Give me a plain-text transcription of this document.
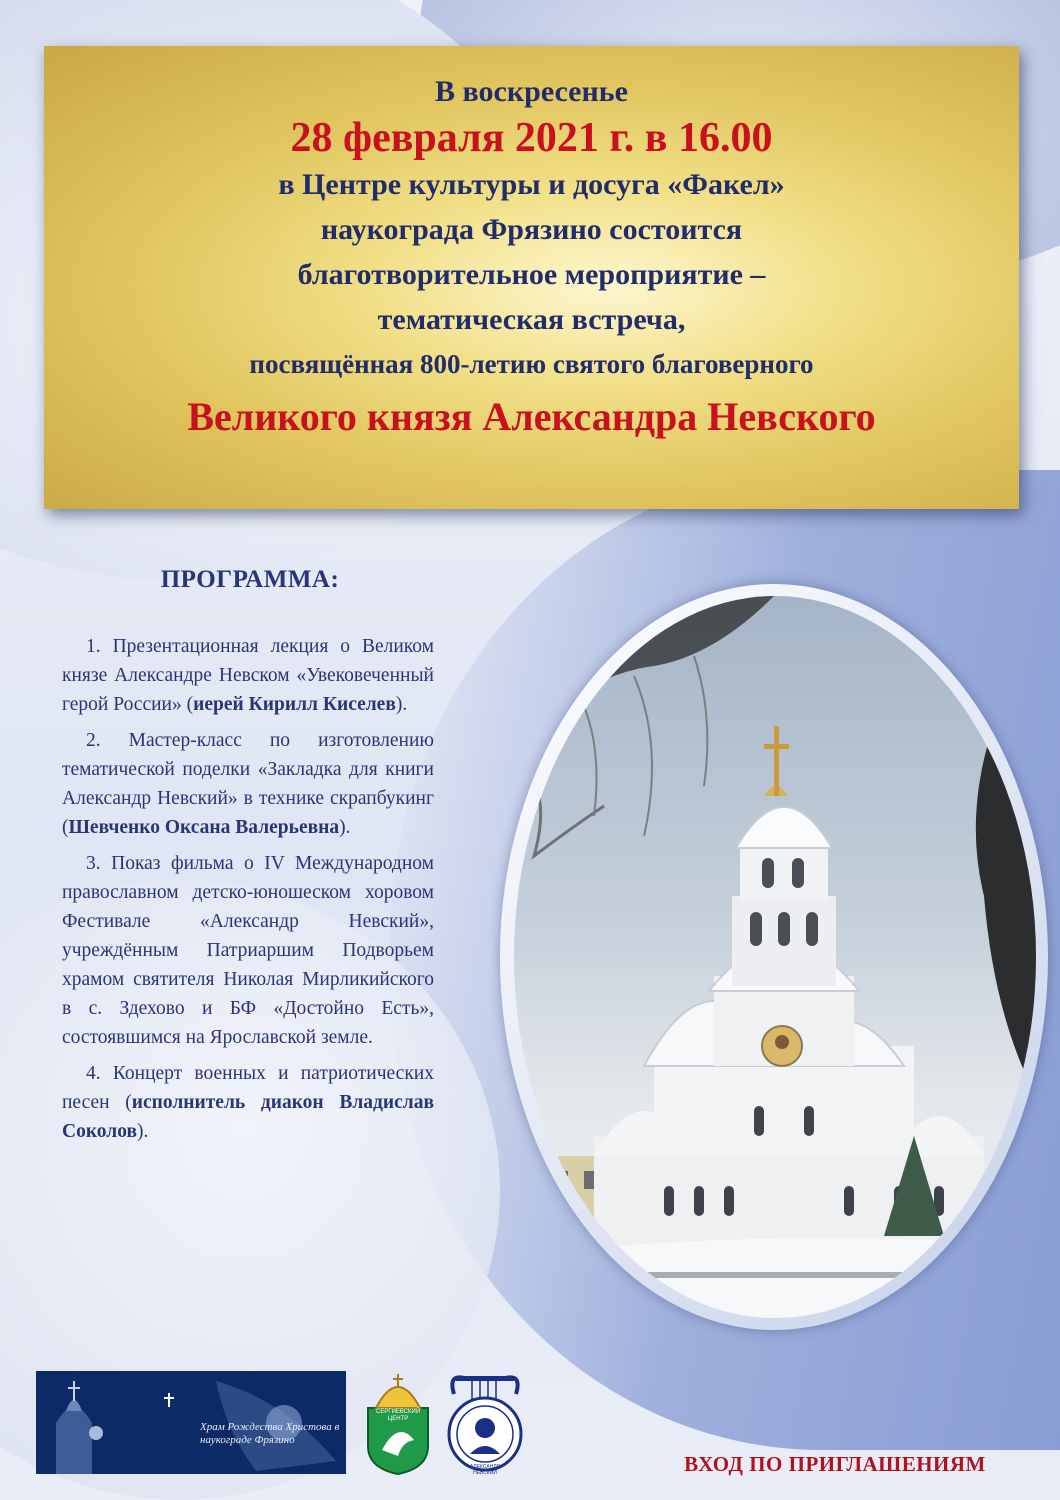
В воскресенье

28 февраля 2021 г. в 16.00

в Центре культуры и досуга «Факел»

наукограда Фрязино состоится

благотворительное мероприятие –

тематическая встреча,

посвящённая 800-летию святого благоверного

Великого князя Александра Невского

ПРОГРАММА:

1. Презентационная лекция о Великом князе Александре Невском «Увековеченный герой России» (иерей Кирилл Киселев).

2. Мастер-класс по изготовлению тематической поделки «Закладка для книги Александр Невский» в технике скрапбукинг (Шевченко Оксана Валерьевна).

3. Показ фильма о IV Международном православном детско-юношеском хоровом Фестивале «Александр Невский», учреждённым Патриаршим Подворьем храмом святителя Николая Мирликийского в с. Здехово и БФ «Достойно Есть», состоявшимся на Ярославской земле.

4. Концерт военных и патриотических песен (исполнитель диакон Владислав Соколов).

Храм Рождества Христова в наукограде Фрязино

СЕРГИЕВСКИЙ ЦЕНТР
АЛЕКСАНДР НЕВСКИЙ	ВХОД ПО ПРИГЛАШЕНИЯМ
